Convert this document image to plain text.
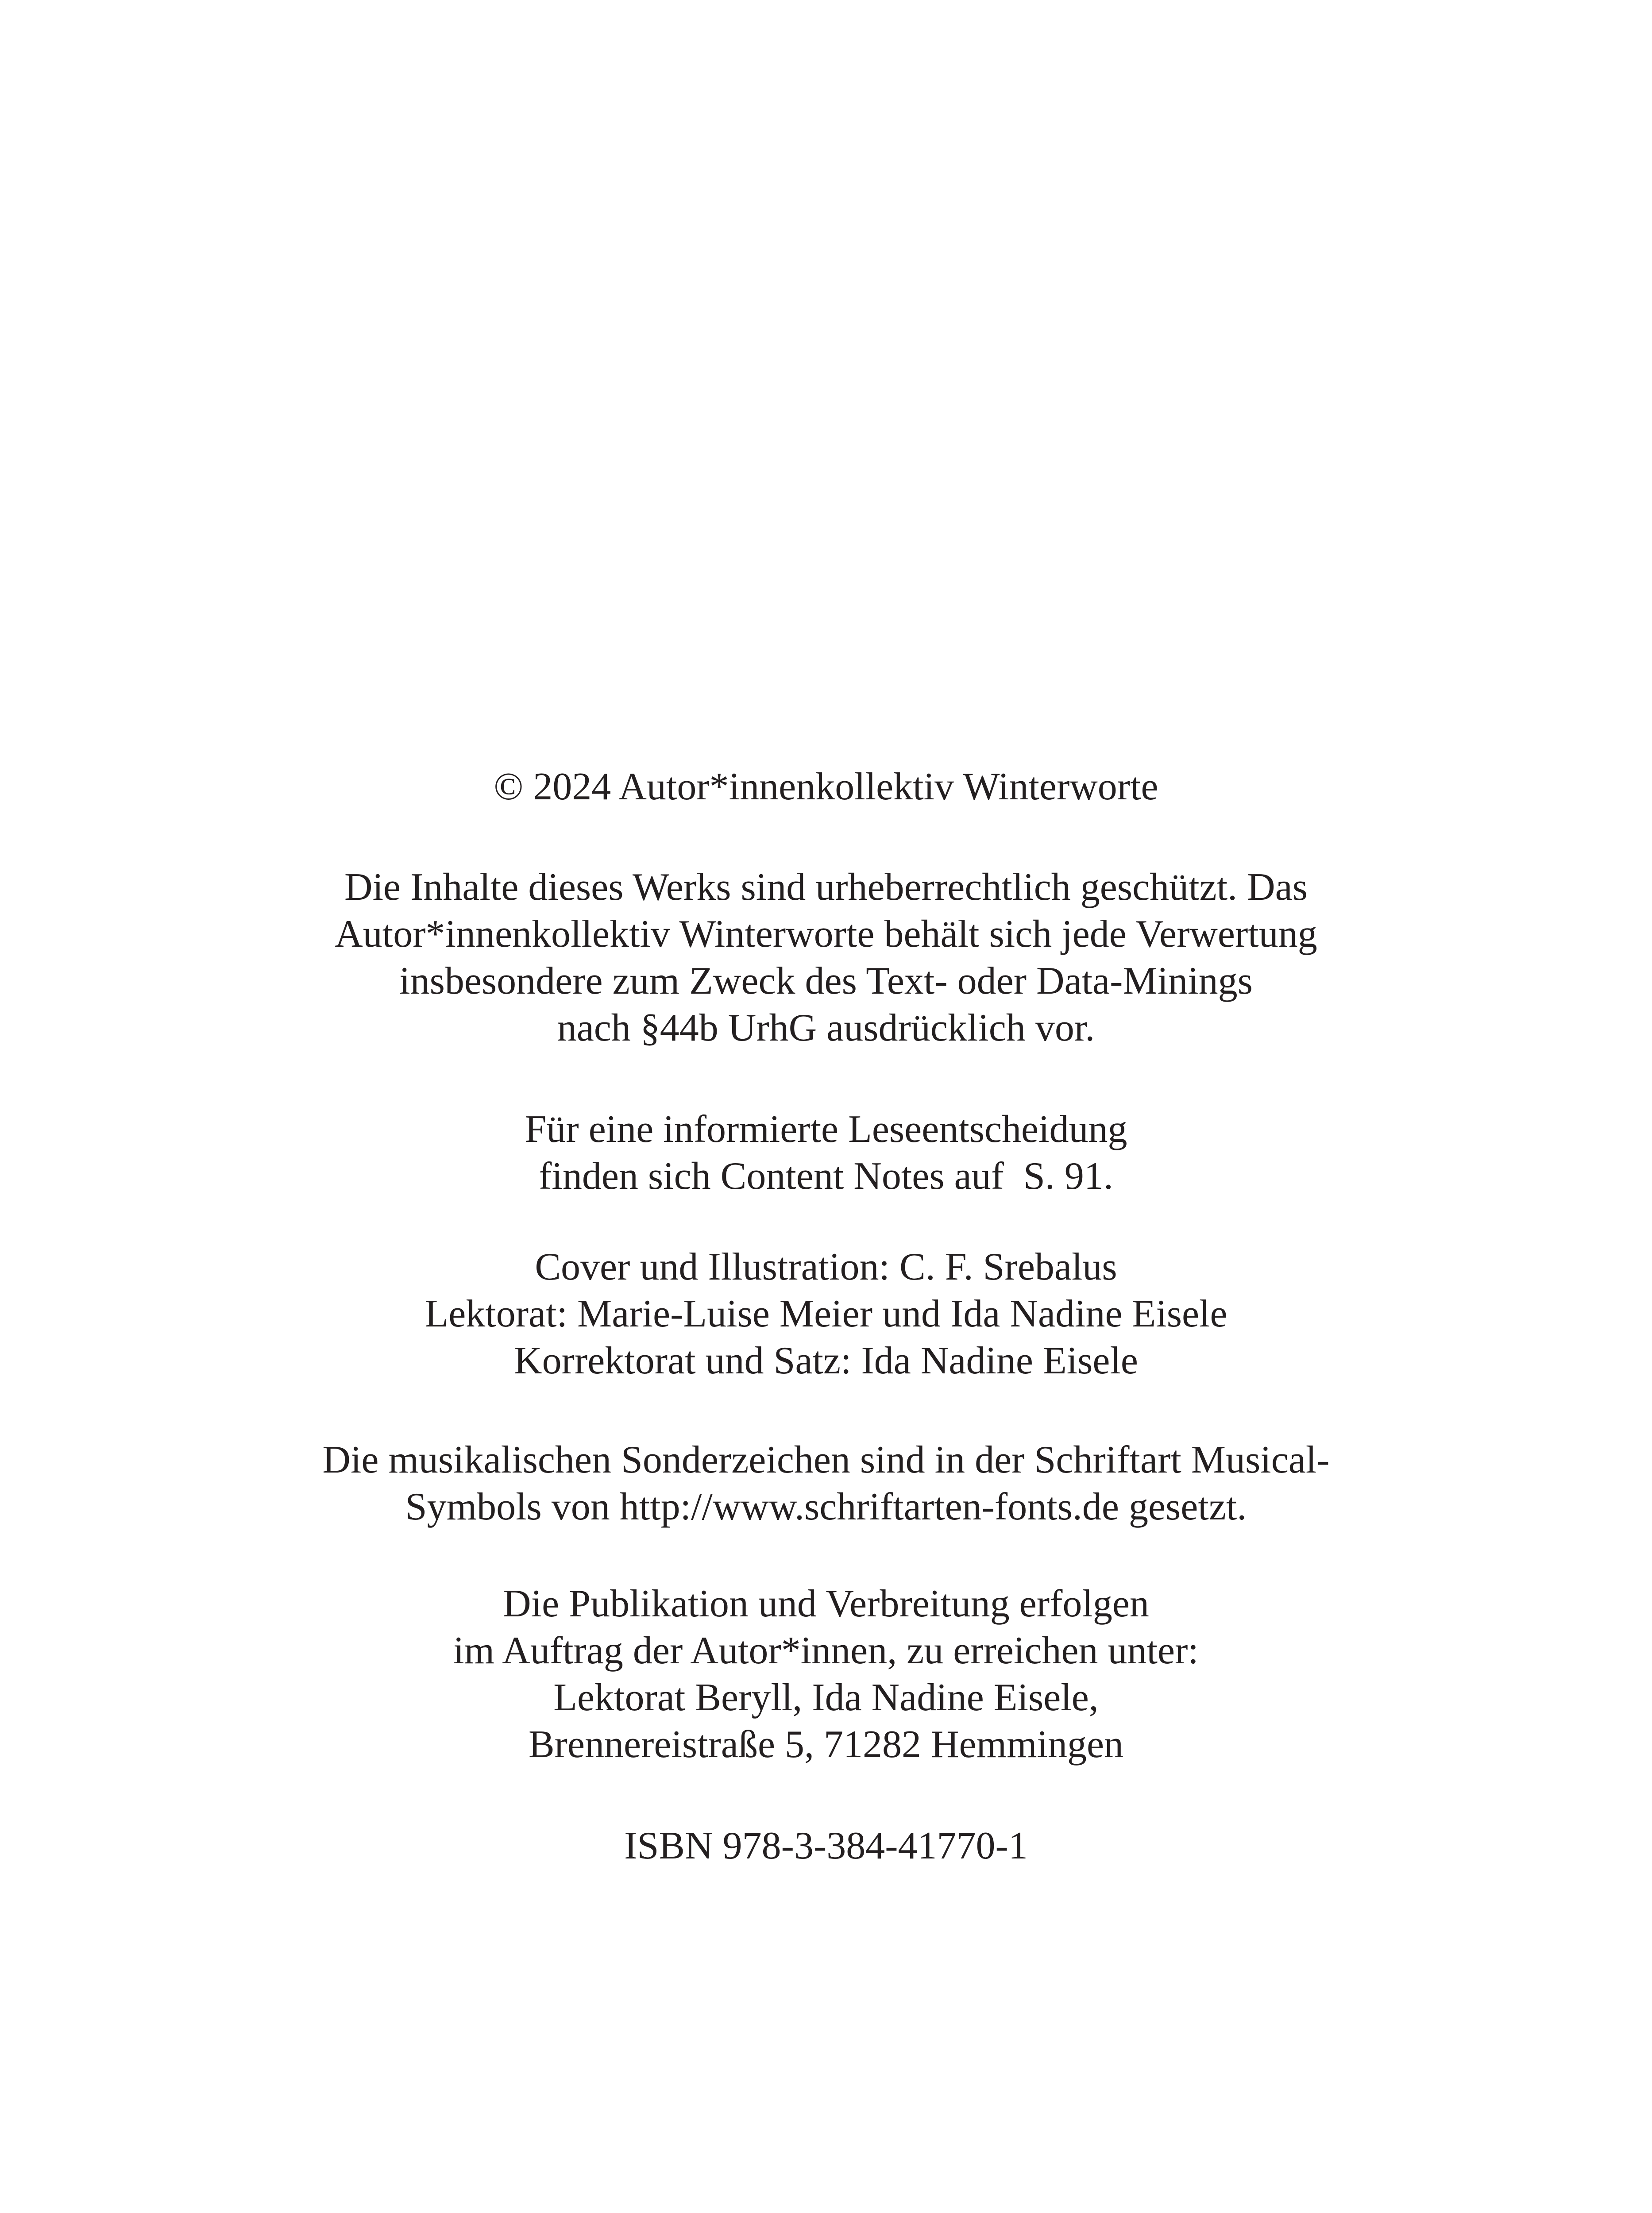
© 2024 Autor*innenkollektiv Winterworte
Die Inhalte dieses Werks sind urheberrechtlich geschützt. Das
Autor*innenkollektiv Winterworte behält sich jede Verwertung
insbesondere zum Zweck des Text- oder Data-Minings
nach §44b UrhG ausdrücklich vor.
Für eine informierte Leseentscheidung
finden sich Content Notes auf  S. 91.
Cover und Illustration: C. F. Srebalus
Lektorat: Marie-Luise Meier und Ida Nadine Eisele
Korrektorat und Satz: Ida Nadine Eisele
Die musikalischen Sonderzeichen sind in der Schriftart Musical-
Symbols von http://www.schriftarten-fonts.de gesetzt.
Die Publikation und Verbreitung erfolgen
im Auftrag der Autor*innen, zu erreichen unter:
Lektorat Beryll, Ida Nadine Eisele,
Brennereistraße 5, 71282 Hemmingen
ISBN 978-3-384-41770-1
